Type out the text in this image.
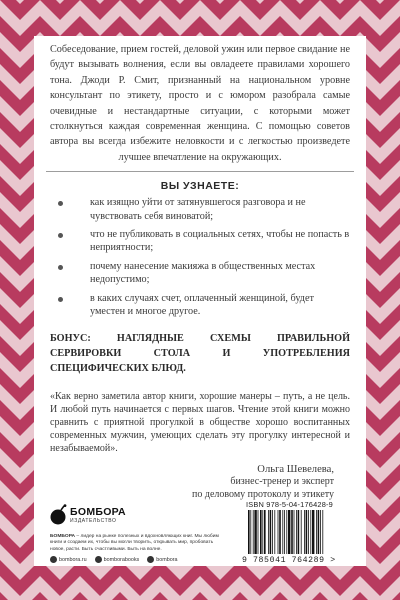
Собеседование, прием гостей, деловой ужин или первое свидание не будут вызывать волнения, если вы овладеете правилами хорошего тона. Джоди Р. Смит, признанный на национальном уровне консультант по этикету, просто и с юмором разобрала самые очевидные и нестандартные ситуации, с которыми может столкнуться каждая современная женщина. С помощью советов автора вы всегда избежите неловкости и с легкостью произведете лучшее впечатление на окружающих.

ВЫ УЗНАЕТЕ:
как изящно уйти от затянувшегося разговора и не чувствовать себя виноватой;
что не публиковать в социальных сетях, чтобы не попасть в неприятности;
почему нанесение макияжа в общественных местах недопустимо;
в каких случаях счет, оплаченный женщиной, будет уместен и многое другое.

БОНУС: НАГЛЯДНЫЕ СХЕМЫ ПРАВИЛЬНОЙ СЕРВИРОВКИ СТОЛА И УПОТРЕБЛЕНИЯ СПЕЦИФИЧЕСКИХ БЛЮД.

«Как верно заметила автор книги, хорошие манеры – путь, а не цель. И любой путь начинается с первых шагов. Чтение этой книги можно сравнить с приятной прогулкой в обществе хорошо воспитанных современных мужчин, умеющих сделать эту прогулку интересной и незабываемой».

Ольга Шевелева,
бизнес-тренер и эксперт
по деловому протоколу и этикету
БОМБОРА
ИЗДАТЕЛЬСТВО
БОМБОРА – лидер на рынке полезных и вдохновляющих книг. Мы любим книги и создаем их, чтобы вы могли творить, открывать мир, пробовать новое, расти. Быть счастливыми. Быть на волне.
bombora.ru	bomborabooks	bombora
ISBN 978-5-04-176428-9
9 785041 764289 >
